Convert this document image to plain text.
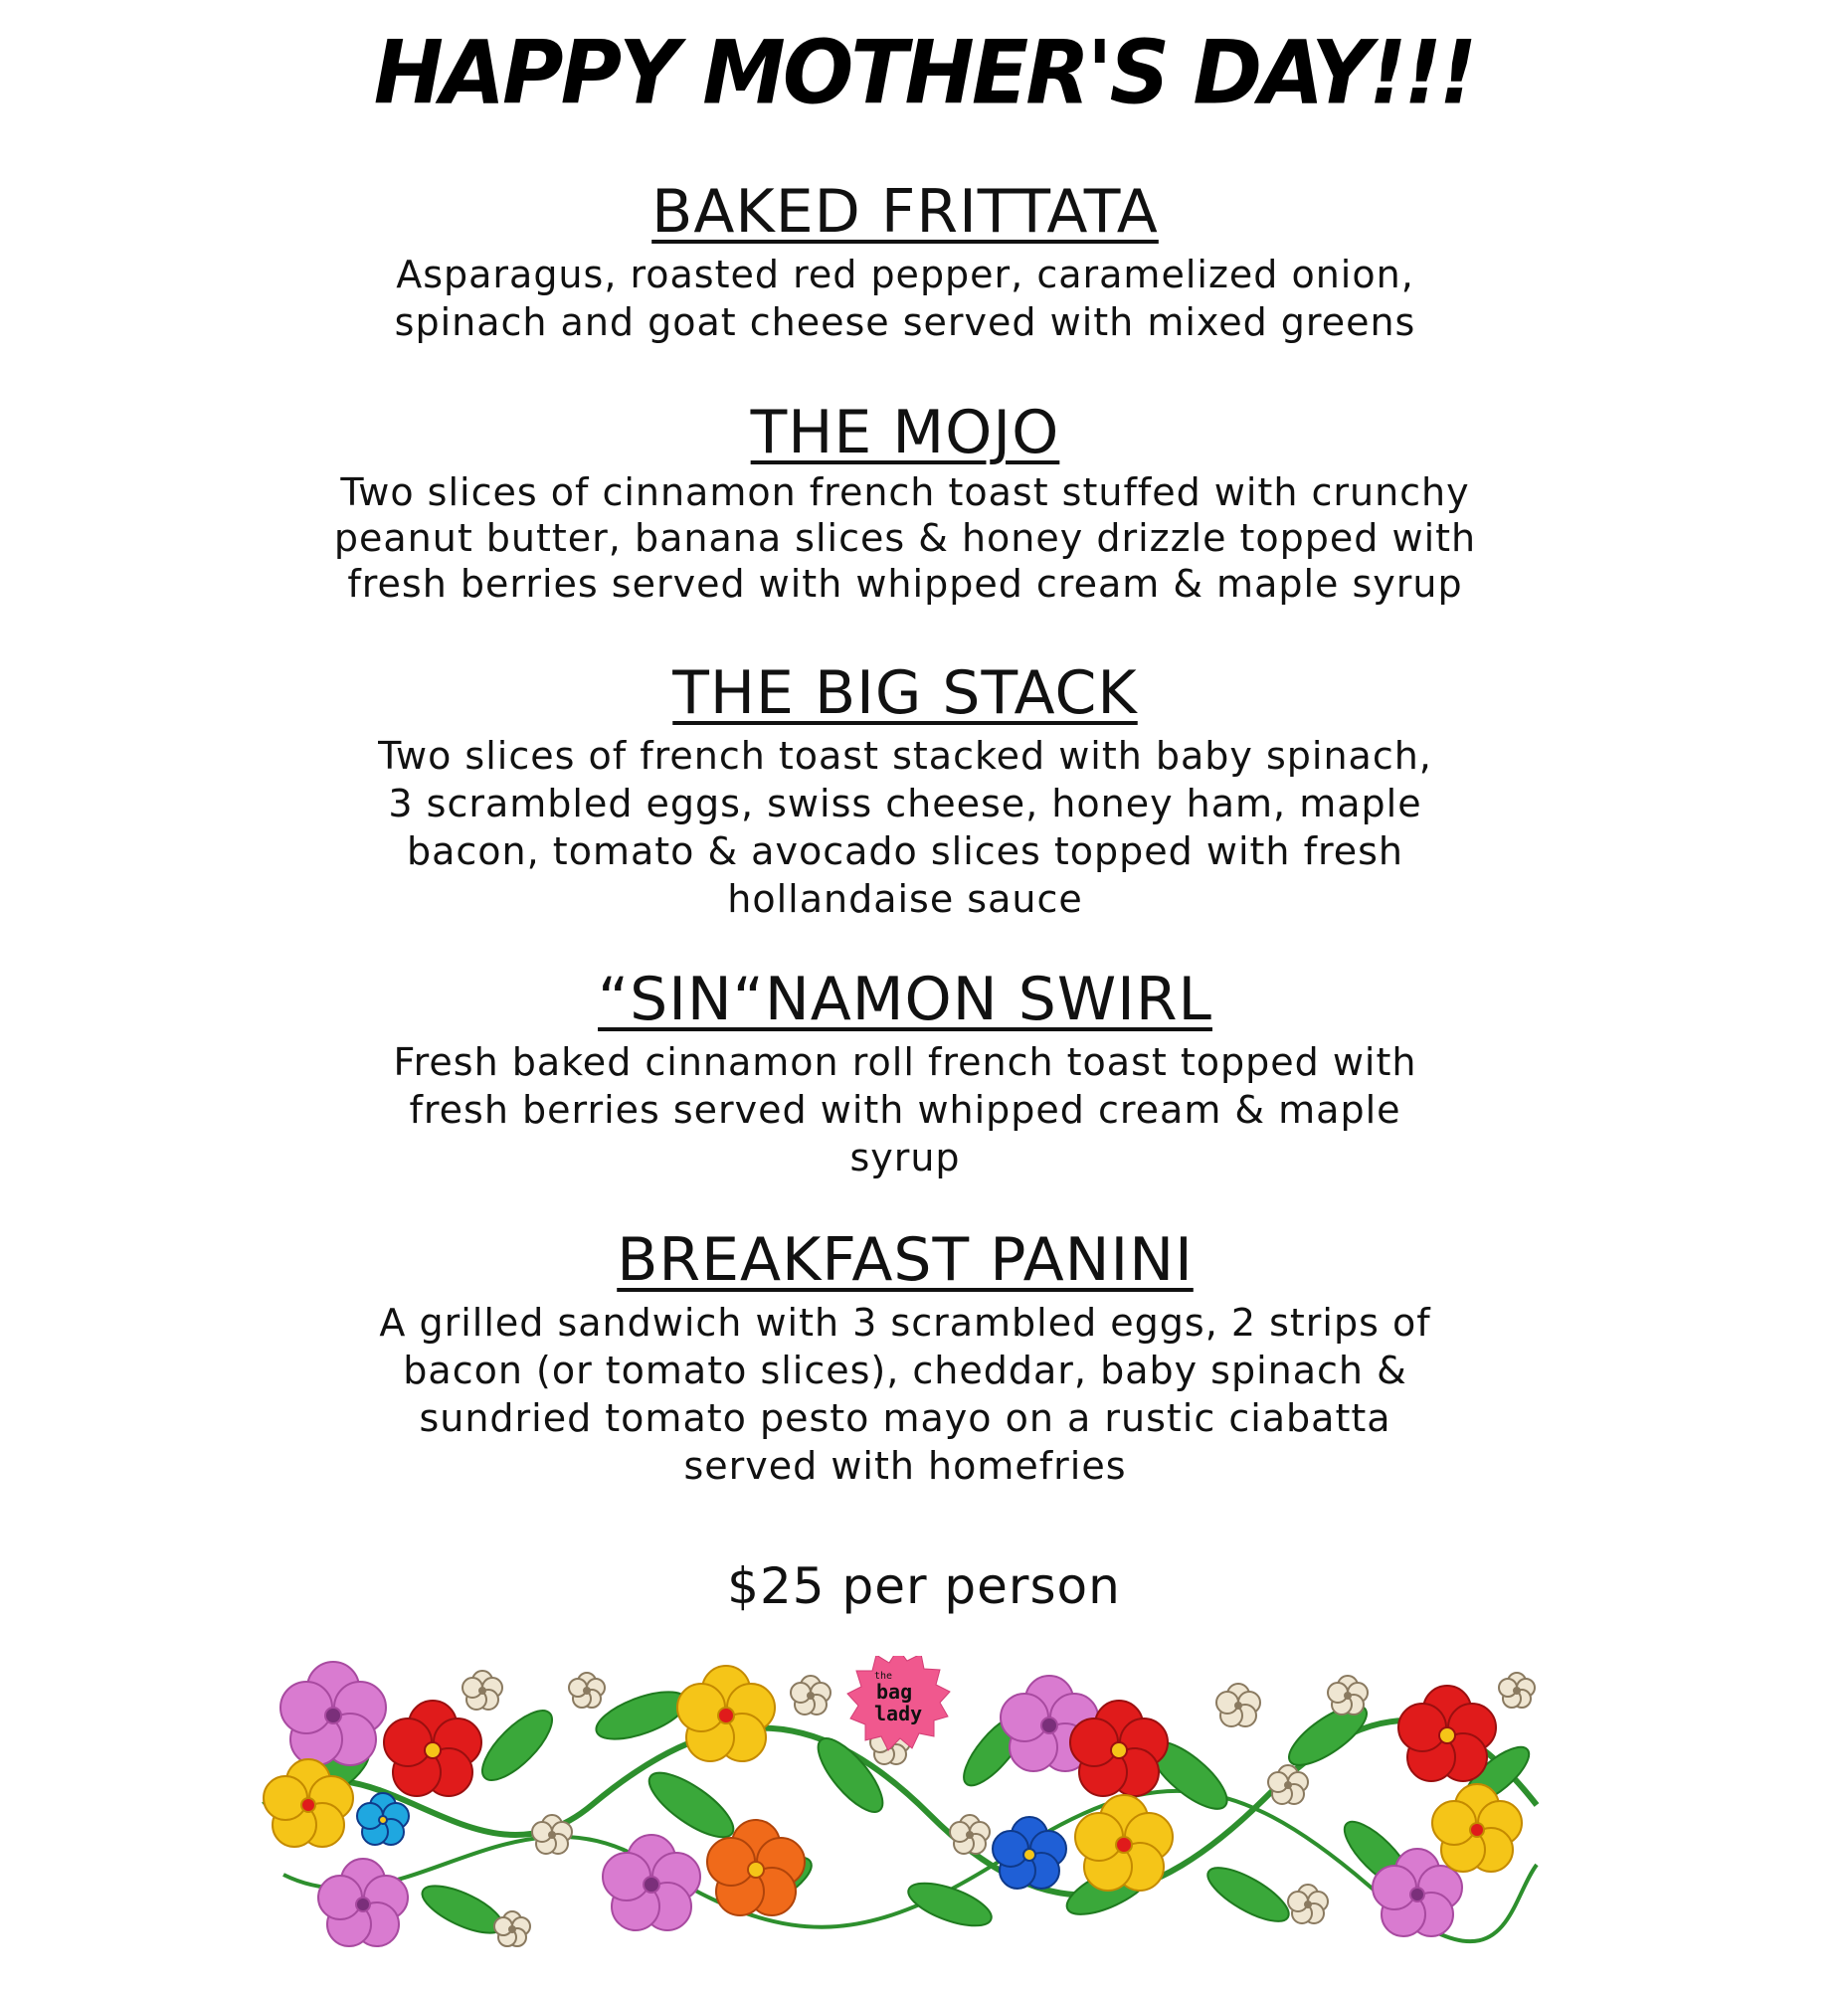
HAPPY MOTHER'S DAY!!!
BAKED FRITTATA

Asparagus, roasted red pepper, caramelized onion,
spinach and goat cheese served with mixed greens

THE MOJO

Two slices of cinnamon french toast stuffed with crunchy
peanut butter, banana slices & honey drizzle topped with
fresh berries served with whipped cream & maple syrup

THE BIG STACK

Two slices of french toast stacked with baby spinach,
3 scrambled eggs, swiss cheese, honey ham, maple
bacon, tomato & avocado slices topped with fresh
hollandaise sauce

“SIN“NAMON SWIRL

Fresh baked cinnamon roll french toast topped with
fresh berries served with whipped cream & maple
syrup

BREAKFAST PANINI

A grilled sandwich with 3 scrambled eggs, 2 strips of
bacon (or tomato slices), cheddar, baby spinach &
sundried tomato pesto mayo on a rustic ciabatta
served with homefries

$25 per person
the
bag
lady
